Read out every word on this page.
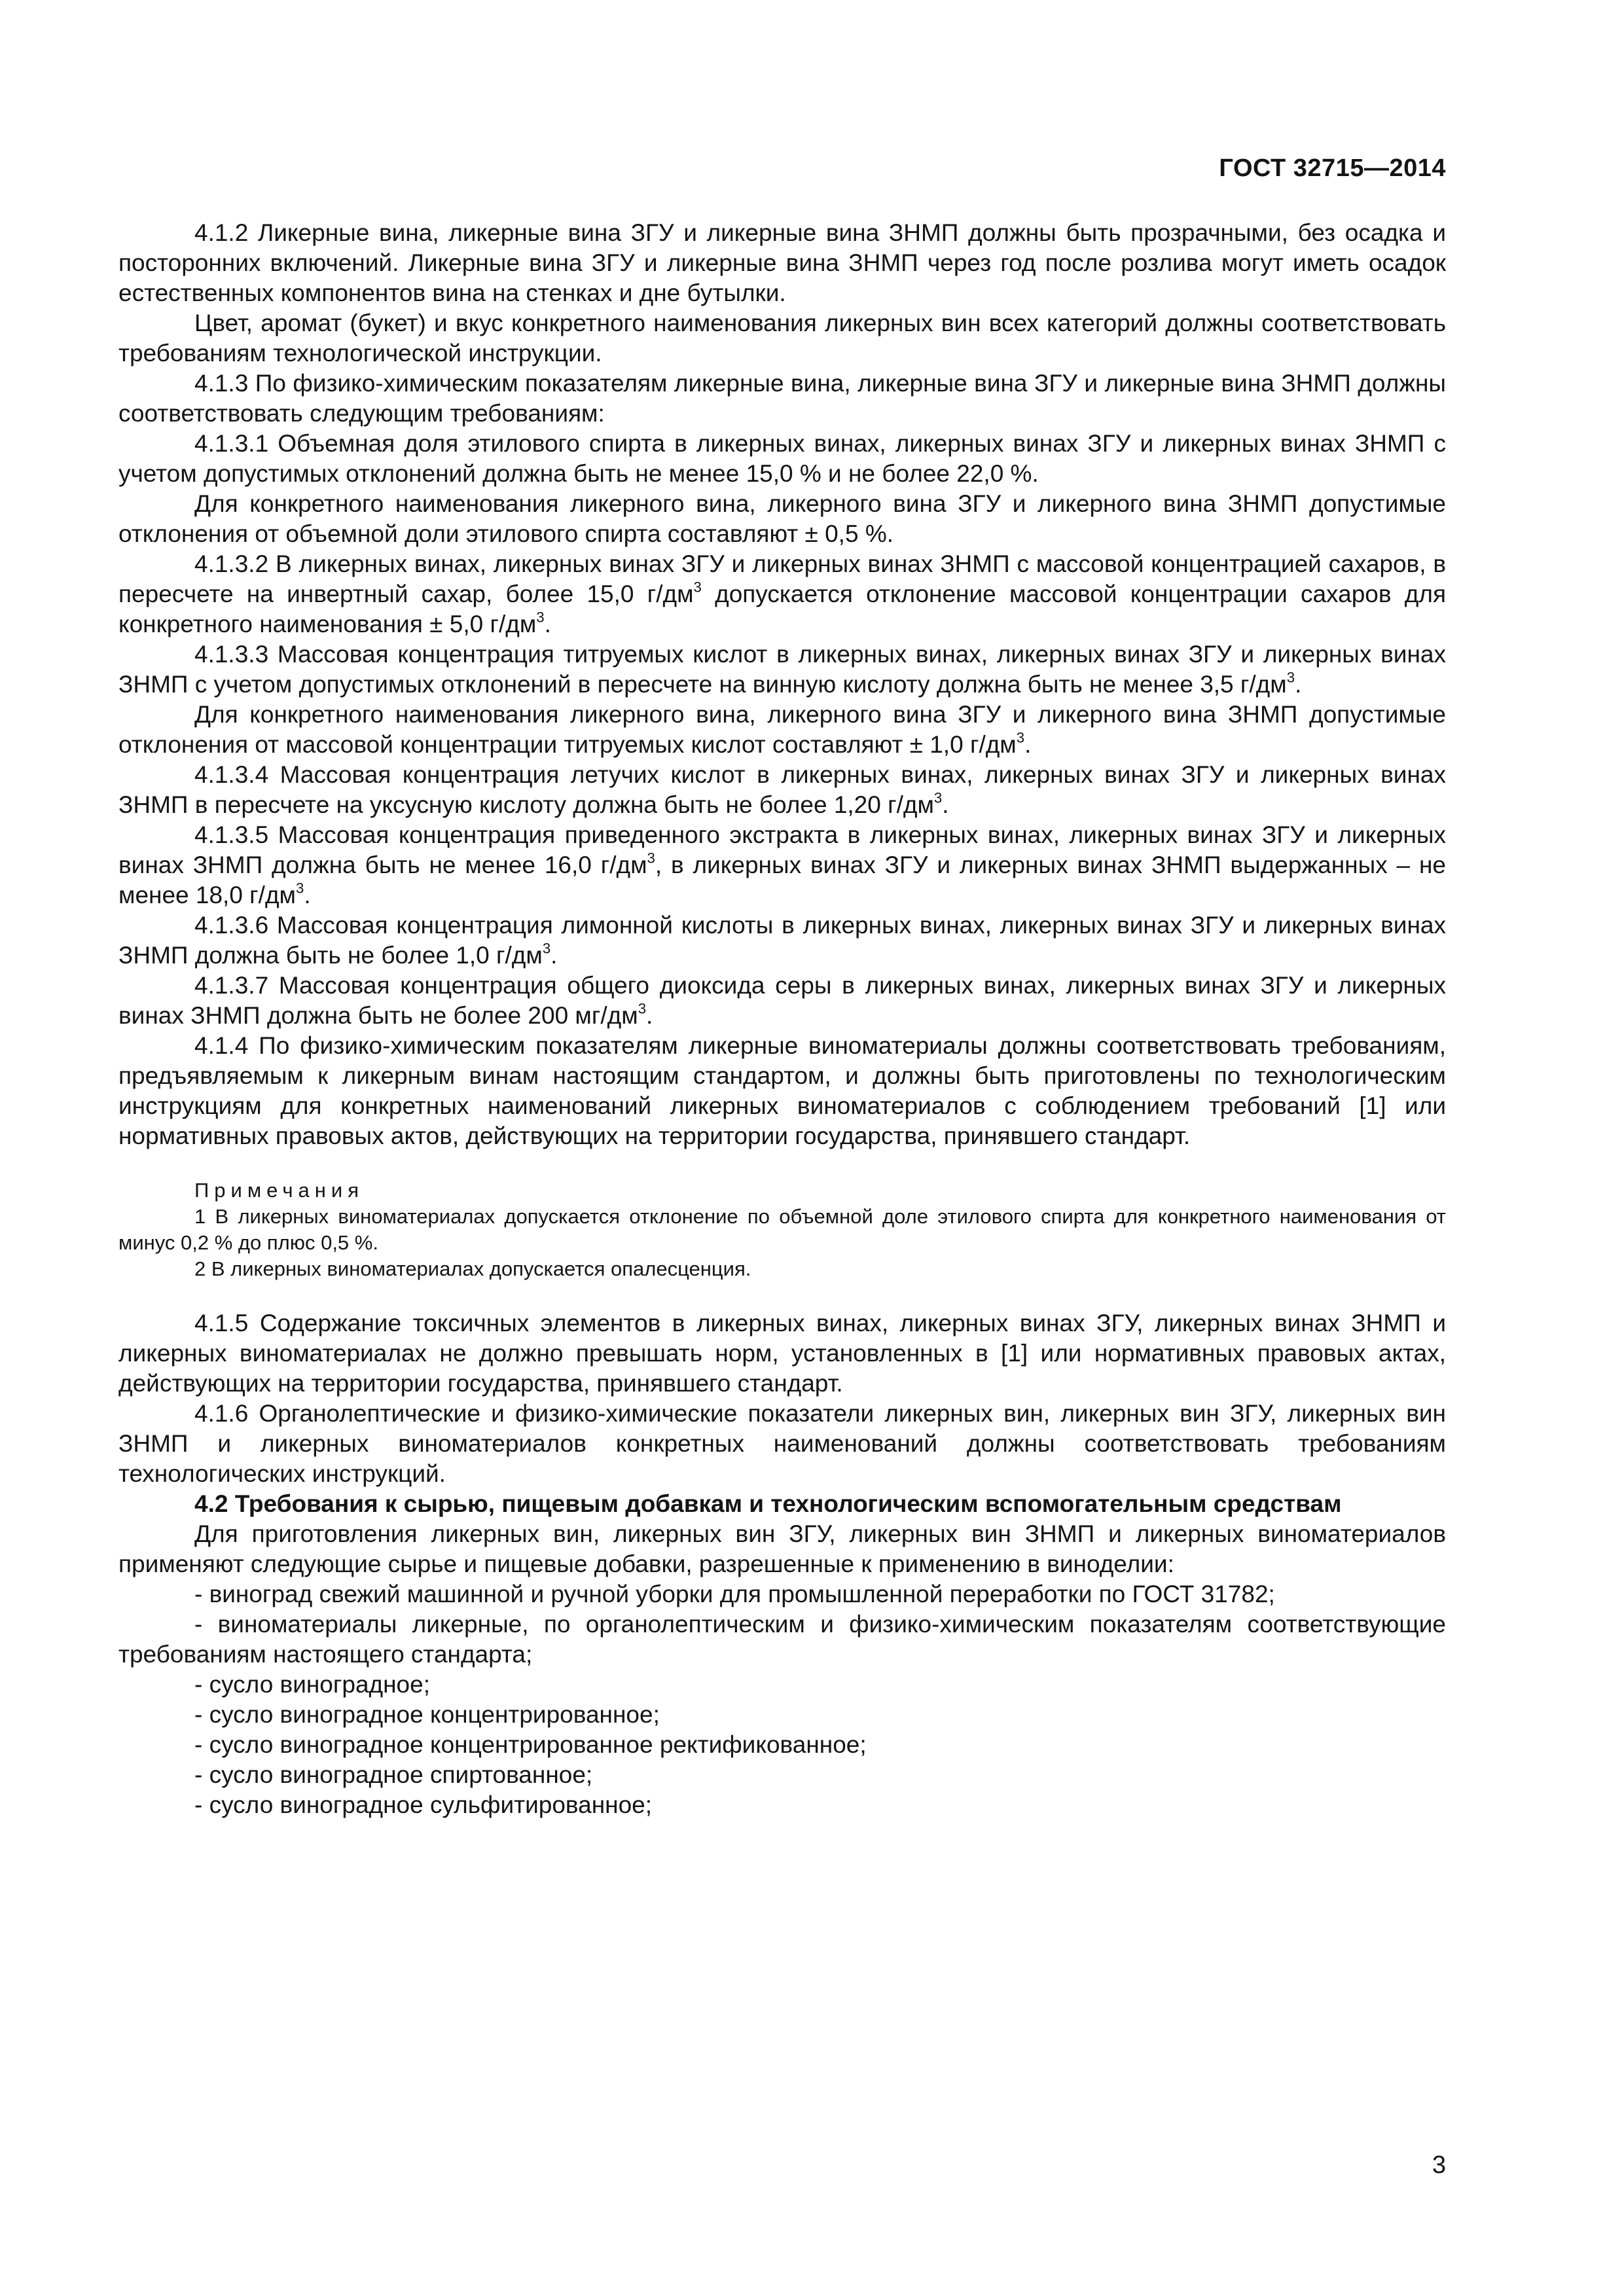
ГОСТ 32715—2014

4.1.2 Ликерные вина, ликерные вина ЗГУ и ликерные вина ЗНМП должны быть прозрачными, без осадка и посторонних включений. Ликерные вина ЗГУ и ликерные вина ЗНМП через год после розлива могут иметь осадок естественных компонентов вина на стенках и дне бутылки.

Цвет, аромат (букет) и вкус конкретного наименования ликерных вин всех категорий должны соответствовать требованиям технологической инструкции.

4.1.3 По физико-химическим показателям ликерные вина, ликерные вина ЗГУ и ликерные вина ЗНМП должны соответствовать следующим требованиям:

4.1.3.1 Объемная доля этилового спирта в ликерных винах, ликерных винах ЗГУ и ликерных винах ЗНМП с учетом допустимых отклонений должна быть не менее 15,0 % и не более 22,0 %.

Для конкретного наименования ликерного вина, ликерного вина ЗГУ и ликерного вина ЗНМП допустимые отклонения от объемной доли этилового спирта составляют ± 0,5 %.

4.1.3.2 В ликерных винах, ликерных винах ЗГУ и ликерных винах ЗНМП с массовой концентрацией сахаров, в пересчете на инвертный сахар, более 15,0 $г/дм^3$ допускается отклонение массовой концентрации сахаров для конкретного наименования ± 5,0 $г/дм^3$.

4.1.3.3 Массовая концентрация титруемых кислот в ликерных винах, ликерных винах ЗГУ и ликерных винах ЗНМП с учетом допустимых отклонений в пересчете на винную кислоту должна быть не менее 3,5 $г/дм^3$.

Для конкретного наименования ликерного вина, ликерного вина ЗГУ и ликерного вина ЗНМП допустимые отклонения от массовой концентрации титруемых кислот составляют ± 1,0 $г/дм^3$.

4.1.3.4 Массовая концентрация летучих кислот в ликерных винах, ликерных винах ЗГУ и ликерных винах ЗНМП в пересчете на уксусную кислоту должна быть не более 1,20 $г/дм^3$.

4.1.3.5 Массовая концентрация приведенного экстракта в ликерных винах, ликерных винах ЗГУ и ликерных винах ЗНМП должна быть не менее 16,0 $г/дм^3$, в ликерных винах ЗГУ и ликерных винах ЗНМП выдержанных – не менее 18,0 $г/дм^3$.

4.1.3.6 Массовая концентрация лимонной кислоты в ликерных винах, ликерных винах ЗГУ и ликерных винах ЗНМП должна быть не более 1,0 $г/дм^3$.

4.1.3.7 Массовая концентрация общего диоксида серы в ликерных винах, ликерных винах ЗГУ и ликерных винах ЗНМП должна быть не более 200 $мг/дм^3$.

4.1.4 По физико-химическим показателям ликерные виноматериалы должны соответствовать требованиям, предъявляемым к ликерным винам настоящим стандартом, и должны быть приготовлены по технологическим инструкциям для конкретных наименований ликерных виноматериалов с соблюдением требований [1] или нормативных правовых актов, действующих на территории государства, принявшего стандарт.

Примечания

1 В ликерных виноматериалах допускается отклонение по объемной доле этилового спирта для конкретного наименования от минус 0,2 % до плюс 0,5 %.

2 В ликерных виноматериалах допускается опалесценция.

4.1.5 Содержание токсичных элементов в ликерных винах, ликерных винах ЗГУ, ликерных винах ЗНМП и ликерных виноматериалах не должно превышать норм, установленных в [1] или нормативных правовых актах, действующих на территории государства, принявшего стандарт.

4.1.6 Органолептические и физико-химические показатели ликерных вин, ликерных вин ЗГУ, ликерных вин ЗНМП и ликерных виноматериалов конкретных наименований должны соответствовать требованиям технологических инструкций.

4.2 Требования к сырью, пищевым добавкам и технологическим вспомогательным средствам

Для приготовления ликерных вин, ликерных вин ЗГУ, ликерных вин ЗНМП и ликерных виноматериалов применяют следующие сырье и пищевые добавки, разрешенные к применению в виноделии:

- виноград свежий машинной и ручной уборки для промышленной переработки по ГОСТ 31782;

- виноматериалы ликерные, по органолептическим и физико-химическим показателям соответствующие требованиям настоящего стандарта;

- сусло виноградное;

- сусло виноградное концентрированное;

- сусло виноградное концентрированное ректификованное;

- сусло виноградное спиртованное;

- сусло виноградное сульфитированное;

3
